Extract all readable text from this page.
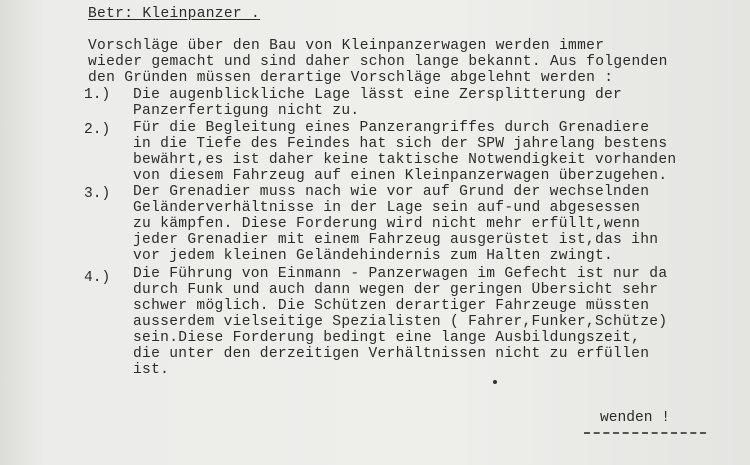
Betr: Kleinpanzer .
Vorschläge über den Bau von Kleinpanzerwagen werden immer
wieder gemacht und sind daher schon lange bekannt. Aus folgenden
den Gründen müssen derartige Vorschläge abgelehnt werden :
1.) Die augenblickliche Lage lässt eine Zersplitterung der
Panzerfertigung nicht zu.
2.) Für die Begleitung eines Panzerangriffes durch Grenadiere
in die Tiefe des Feindes hat sich der SPW jahrelang bestens
bewährt,es ist daher keine taktische Notwendigkeit vorhanden
von diesem Fahrzeug auf einen Kleinpanzerwagen überzugehen.
3.) Der Grenadier muss nach wie vor auf Grund der wechselnden
Geländerverhältnisse in der Lage sein auf-und abgesessen
zu kämpfen. Diese Forderung wird nicht mehr erfüllt,wenn
jeder Grenadier mit einem Fahrzeug ausgerüstet ist,das ihn
vor jedem kleinen Geländehindernis zum Halten zwingt.
4.) Die Führung von Einmann - Panzerwagen im Gefecht ist nur da
durch Funk und auch dann wegen der geringen Übersicht sehr
schwer möglich. Die Schützen derartiger Fahrzeuge müssten
ausserdem vielseitige Spezialisten ( Fahrer,Funker,Schütze)
sein.Diese Forderung bedingt eine lange Ausbildungszeit,
die unter den derzeitigen Verhältnissen nicht zu erfüllen
ist.
wenden !
